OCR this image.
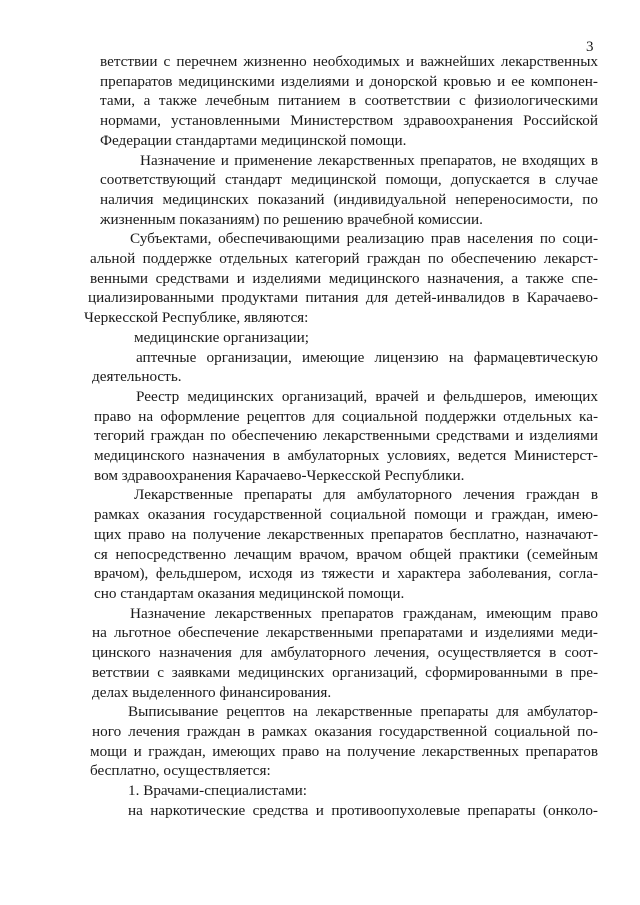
3
ветствии с перечнем жизненно необходимых и важнейших лекарственных
препаратов медицинскими изделиями и донорской кровью и ее компонен-
тами, а также лечебным питанием в соответствии с физиологическими
нормами, установленными Министерством здравоохранения Российской
Федерации стандартами медицинской помощи.
Назначение и применение лекарственных препаратов, не входящих в
соответствующий стандарт медицинской помощи, допускается в случае
наличия медицинских показаний (индивидуальной непереносимости, по
жизненным показаниям) по решению врачебной комиссии.
Субъектами, обеспечивающими реализацию прав населения по соци-
альной поддержке отдельных категорий граждан по обеспечению лекарст-
венными средствами и изделиями медицинского назначения, а также спе-
циализированными продуктами питания для детей-инвалидов в Карачаево-
Черкесской Республике, являются:
медицинские организации;
аптечные организации, имеющие лицензию на фармацевтическую
деятельность.
Реестр медицинских организаций, врачей и фельдшеров, имеющих
право на оформление рецептов для социальной поддержки отдельных ка-
тегорий граждан по обеспечению лекарственными средствами и изделиями
медицинского назначения в амбулаторных условиях, ведется Министерст-
вом здравоохранения Карачаево-Черкесской Республики.
Лекарственные препараты для амбулаторного лечения граждан в
рамках оказания государственной социальной помощи и граждан, имею-
щих право на получение лекарственных препаратов бесплатно, назначают-
ся непосредственно лечащим врачом, врачом общей практики (семейным
врачом), фельдшером, исходя из тяжести и характера заболевания, согла-
сно стандартам оказания медицинской помощи.
Назначение лекарственных препаратов гражданам, имеющим право
на льготное обеспечение лекарственными препаратами и изделиями меди-
цинского назначения для амбулаторного лечения, осуществляется в соот-
ветствии с заявками медицинских организаций, сформированными в пре-
делах выделенного финансирования.
Выписывание рецептов на лекарственные препараты для амбулатор-
ного лечения граждан в рамках оказания государственной социальной по-
мощи и граждан, имеющих право на получение лекарственных препаратов
бесплатно, осуществляется:
1. Врачами-специалистами:
на наркотические средства и противоопухолевые препараты (онколо-
